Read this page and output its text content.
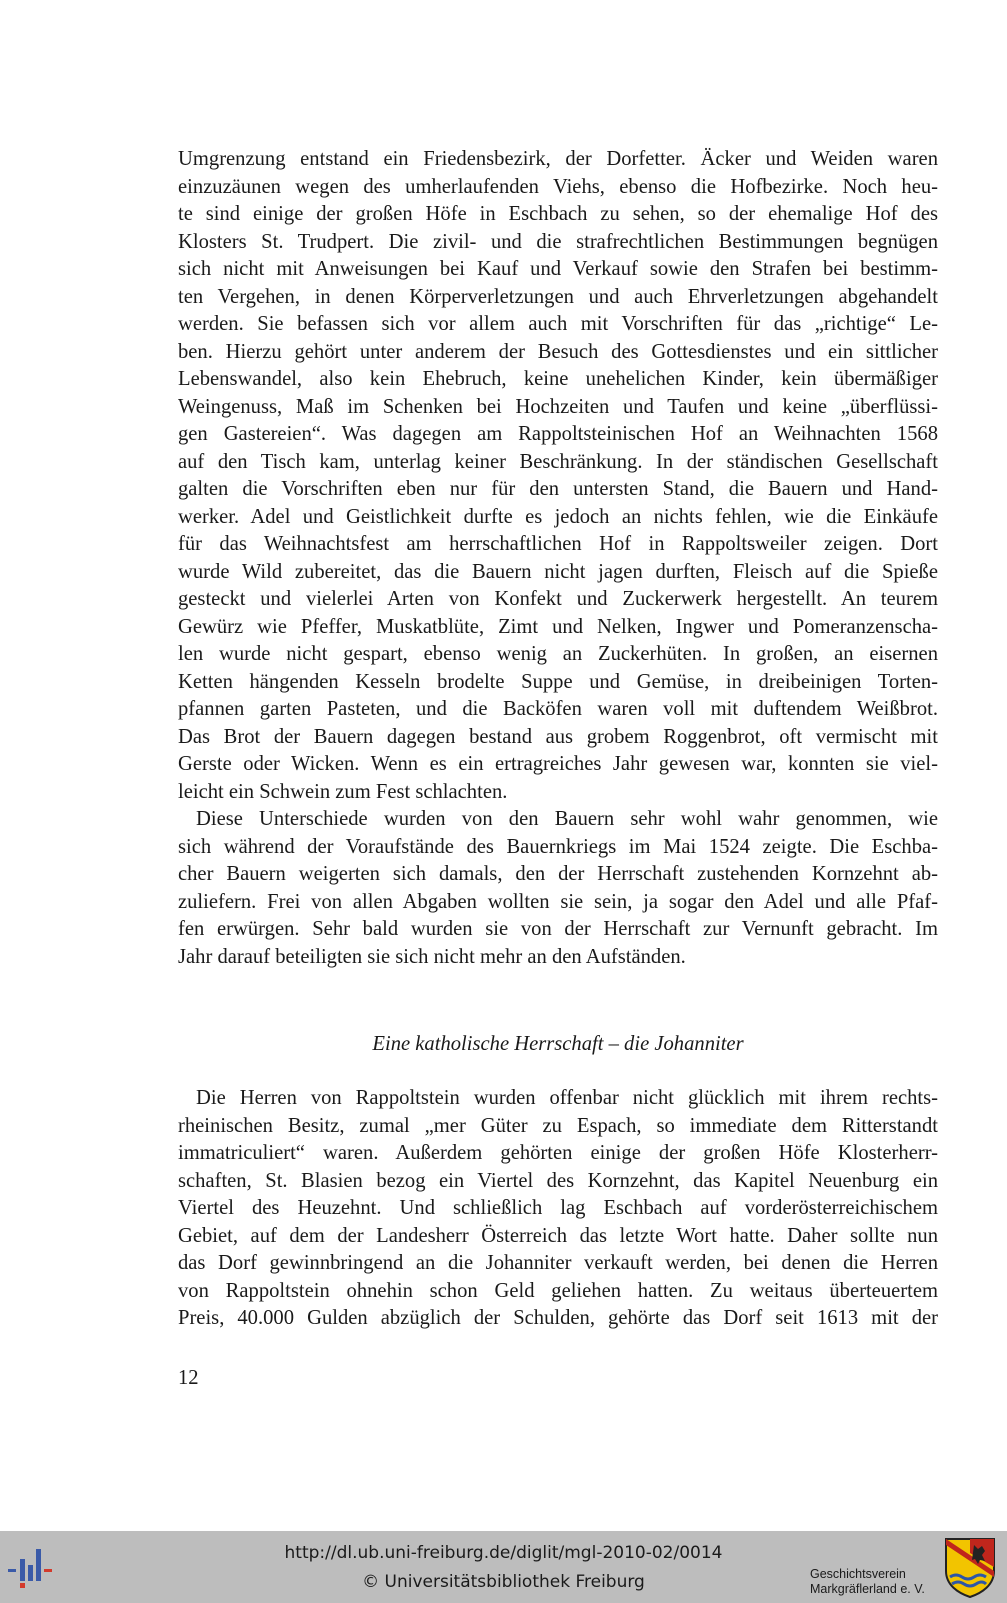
Umgrenzung entstand ein Friedensbezirk, der Dorfetter. Äcker und Weiden waren
einzuzäunen wegen des umherlaufenden Viehs, ebenso die Hofbezirke. Noch heu-
te sind einige der großen Höfe in Eschbach zu sehen, so der ehemalige Hof des
Klosters St. Trudpert. Die zivil- und die strafrechtlichen Bestimmungen begnügen
sich nicht mit Anweisungen bei Kauf und Verkauf sowie den Strafen bei bestimm-
ten Vergehen, in denen Körperverletzungen und auch Ehrverletzungen abgehandelt
werden. Sie befassen sich vor allem auch mit Vorschriften für das „richtige“ Le-
ben. Hierzu gehört unter anderem der Besuch des Gottesdienstes und ein sittlicher
Lebenswandel, also kein Ehebruch, keine unehelichen Kinder, kein übermäßiger
Weingenuss, Maß im Schenken bei Hochzeiten und Taufen und keine „überflüssi-
gen Gastereien“. Was dagegen am Rappoltsteinischen Hof an Weihnachten 1568
auf den Tisch kam, unterlag keiner Beschränkung. In der ständischen Gesellschaft
galten die Vorschriften eben nur für den untersten Stand, die Bauern und Hand-
werker. Adel und Geistlichkeit durfte es jedoch an nichts fehlen, wie die Einkäufe
für das Weihnachtsfest am herrschaftlichen Hof in Rappoltsweiler zeigen. Dort
wurde Wild zubereitet, das die Bauern nicht jagen durften, Fleisch auf die Spieße
gesteckt und vielerlei Arten von Konfekt und Zuckerwerk hergestellt. An teurem
Gewürz wie Pfeffer, Muskatblüte, Zimt und Nelken, Ingwer und Pomeranzenscha-
len wurde nicht gespart, ebenso wenig an Zuckerhüten. In großen, an eisernen
Ketten hängenden Kesseln brodelte Suppe und Gemüse, in dreibeinigen Torten-
pfannen garten Pasteten, und die Backöfen waren voll mit duftendem Weißbrot.
Das Brot der Bauern dagegen bestand aus grobem Roggenbrot, oft vermischt mit
Gerste oder Wicken. Wenn es ein ertragreiches Jahr gewesen war, konnten sie viel-
leicht ein Schwein zum Fest schlachten.
Diese Unterschiede wurden von den Bauern sehr wohl wahr genommen, wie
sich während der Voraufstände des Bauernkriegs im Mai 1524 zeigte. Die Eschba-
cher Bauern weigerten sich damals, den der Herrschaft zustehenden Kornzehnt ab-
zuliefern. Frei von allen Abgaben wollten sie sein, ja sogar den Adel und alle Pfaf-
fen erwürgen. Sehr bald wurden sie von der Herrschaft zur Vernunft gebracht. Im
Jahr darauf beteiligten sie sich nicht mehr an den Aufständen.
Eine katholische Herrschaft – die Johanniter
Die Herren von Rappoltstein wurden offenbar nicht glücklich mit ihrem rechts-
rheinischen Besitz, zumal „mer Güter zu Espach, so immediate dem Ritterstandt
immatriculiert“ waren. Außerdem gehörten einige der großen Höfe Klosterherr-
schaften, St. Blasien bezog ein Viertel des Kornzehnt, das Kapitel Neuenburg ein
Viertel des Heuzehnt. Und schließlich lag Eschbach auf vorderösterreichischem
Gebiet, auf dem der Landesherr Österreich das letzte Wort hatte. Daher sollte nun
das Dorf gewinnbringend an die Johanniter verkauft werden, bei denen die Herren
von Rappoltstein ohnehin schon Geld geliehen hatten. Zu weitaus überteuertem
Preis, 40.000 Gulden abzüglich der Schulden, gehörte das Dorf seit 1613 mit der
12
http://dl.ub.uni-freiburg.de/diglit/mgl-2010-02/0014
© Universitätsbibliothek Freiburg	Geschichtsverein
Markgräflerland e. V.
